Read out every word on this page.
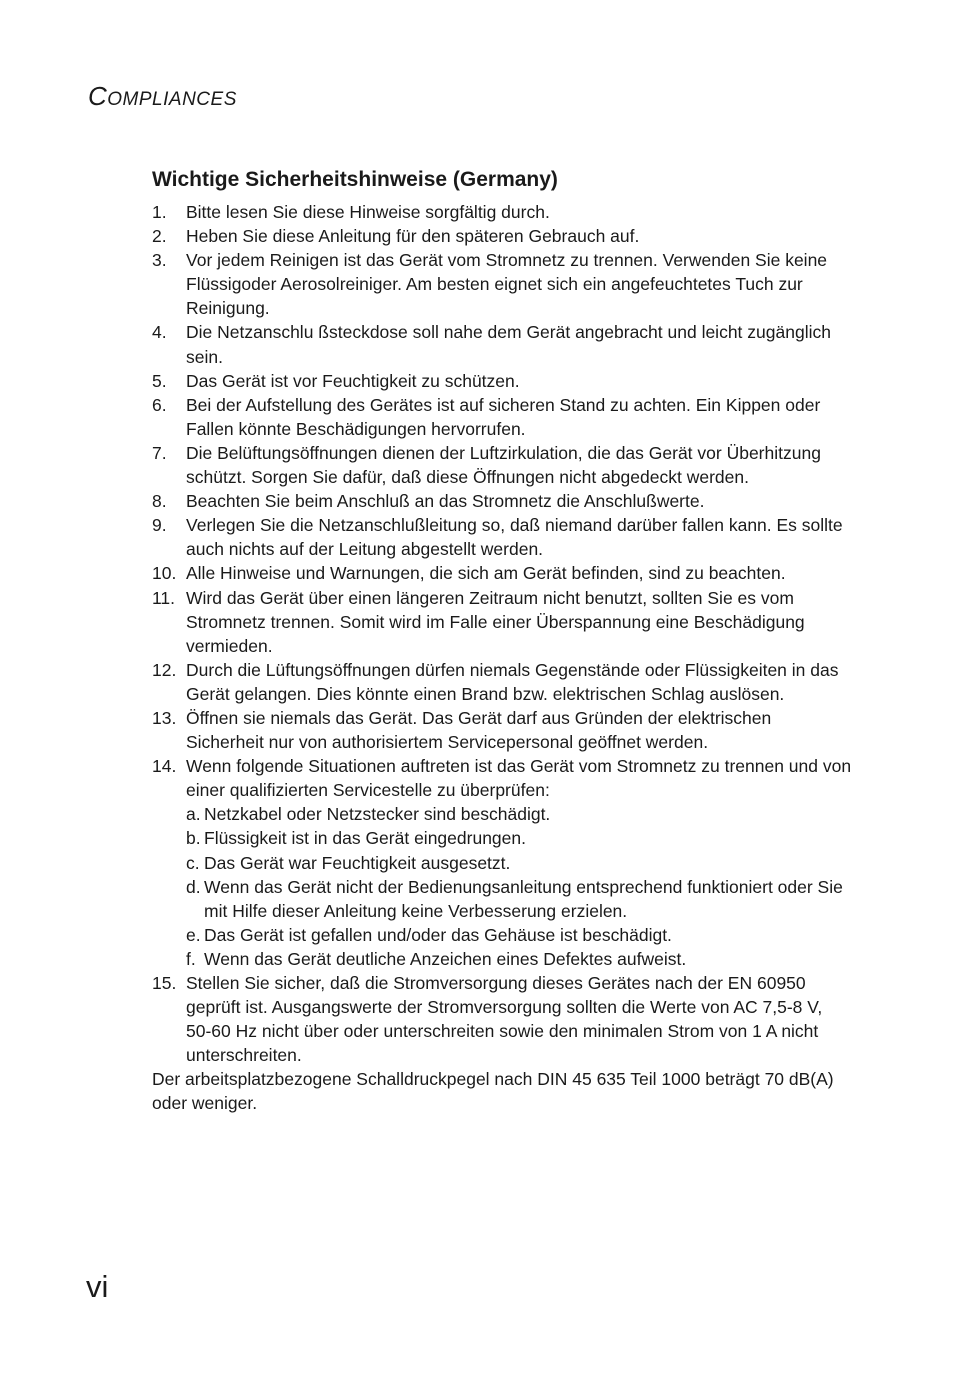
COMPLIANCES
Wichtige Sicherheitshinweise (Germany)
1. Bitte lesen Sie diese Hinweise sorgfältig durch.
2. Heben Sie diese Anleitung für den späteren Gebrauch auf.
3. Vor jedem Reinigen ist das Gerät vom Stromnetz zu trennen. Verwenden Sie keine Flüssigoder Aerosolreiniger. Am besten eignet sich ein angefeuchtetes Tuch zur Reinigung.
4. Die Netzanschlu ßsteckdose soll nahe dem Gerät angebracht und leicht zugänglich sein.
5. Das Gerät ist vor Feuchtigkeit zu schützen.
6. Bei der Aufstellung des Gerätes ist auf sicheren Stand zu achten. Ein Kippen oder Fallen könnte Beschädigungen hervorrufen.
7. Die Belüftungsöffnungen dienen der Luftzirkulation, die das Gerät vor Überhitzung schützt. Sorgen Sie dafür, daß diese Öffnungen nicht abgedeckt werden.
8. Beachten Sie beim Anschluß an das Stromnetz die Anschlußwerte.
9. Verlegen Sie die Netzanschlußleitung so, daß niemand darüber fallen kann. Es sollte auch nichts auf der Leitung abgestellt werden.
10. Alle Hinweise und Warnungen, die sich am Gerät befinden, sind zu beachten.
11. Wird das Gerät über einen längeren Zeitraum nicht benutzt, sollten Sie es vom Stromnetz trennen. Somit wird im Falle einer Überspannung eine Beschädigung vermieden.
12. Durch die Lüftungsöffnungen dürfen niemals Gegenstände oder Flüssigkeiten in das Gerät gelangen. Dies könnte einen Brand bzw. elektrischen Schlag auslösen.
13. Öffnen sie niemals das Gerät. Das Gerät darf aus Gründen der elektrischen Sicherheit nur von authorisiertem Servicepersonal geöffnet werden.
14. Wenn folgende Situationen auftreten ist das Gerät vom Stromnetz zu trennen und von einer qualifizierten Servicestelle zu überprüfen:
a. Netzkabel oder Netzstecker sind beschädigt.
b. Flüssigkeit ist in das Gerät eingedrungen.
c. Das Gerät war Feuchtigkeit ausgesetzt.
d. Wenn das Gerät nicht der Bedienungsanleitung entsprechend funktioniert oder Sie mit Hilfe dieser Anleitung keine Verbesserung erzielen.
e. Das Gerät ist gefallen und/oder das Gehäuse ist beschädigt.
f. Wenn das Gerät deutliche Anzeichen eines Defektes aufweist.
15. Stellen Sie sicher, daß die Stromversorgung dieses Gerätes nach der EN 60950 geprüft ist. Ausgangswerte der Stromversorgung sollten die Werte von AC 7,5-8 V, 50-60 Hz nicht über oder unterschreiten sowie den minimalen Strom von 1 A nicht unterschreiten.

Der arbeitsplatzbezogene Schalldruckpegel nach DIN 45 635 Teil 1000 beträgt 70 dB(A) oder weniger.

vi
